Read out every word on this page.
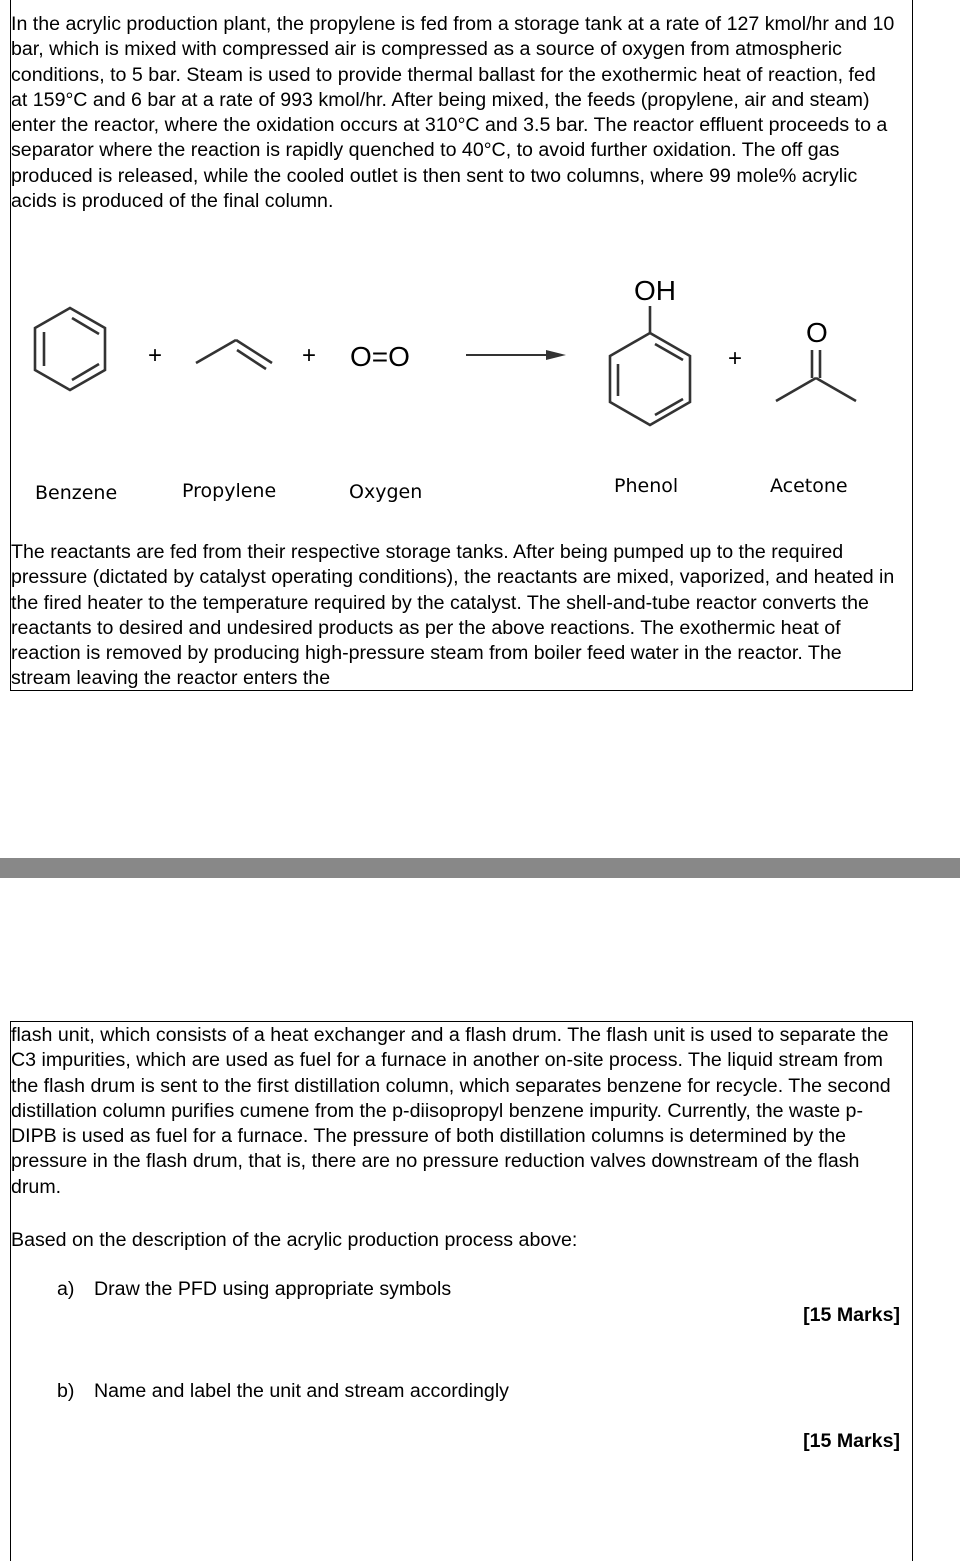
In the acrylic production plant, the propylene is fed from a storage tank at a rate of 127 kmol/hr and 10 bar, which is mixed with compressed air is compressed as a source of oxygen from atmospheric conditions, to 5 bar. Steam is used to provide thermal ballast for the exothermic heat of reaction, fed at 159°C and 6 bar at a rate of 993 kmol/hr. After being mixed, the feeds (propylene, air and steam) enter the reactor, where the oxidation occurs at 310°C and 3.5 bar. The reactor effluent proceeds to a separator where the reaction is rapidly quenched to 40°C, to avoid further oxidation. The off gas produced is released, while the cooled outlet is then sent to two columns, where 99 mole% acrylic acids is produced of the final column.

+	+ O=O
OH
+
O
Benzene	Propylene	Oxygen	Phenol	Acetone

The reactants are fed from their respective storage tanks. After being pumped up to the required pressure (dictated by catalyst operating conditions), the reactants are mixed, vaporized, and heated in the fired heater to the temperature required by the catalyst. The shell-and-tube reactor converts the reactants to desired and undesired products as per the above reactions. The exothermic heat of reaction is removed by producing high-pressure steam from boiler feed water in the reactor. The stream leaving the reactor enters the

flash unit, which consists of a heat exchanger and a flash drum. The flash unit is used to separate the C3 impurities, which are used as fuel for a furnace in another on-site process. The liquid stream from the flash drum is sent to the first distillation column, which separates benzene for recycle. The second distillation column purifies cumene from the p-diisopropyl benzene impurity. Currently, the waste p-DIPB is used as fuel for a furnace. The pressure of both distillation columns is determined by the pressure in the flash drum, that is, there are no pressure reduction valves downstream of the flash drum.

Based on the description of the acrylic production process above:

a) Draw the PFD using appropriate symbols
[15 Marks]
b) Name and label the unit and stream accordingly
[15 Marks]
